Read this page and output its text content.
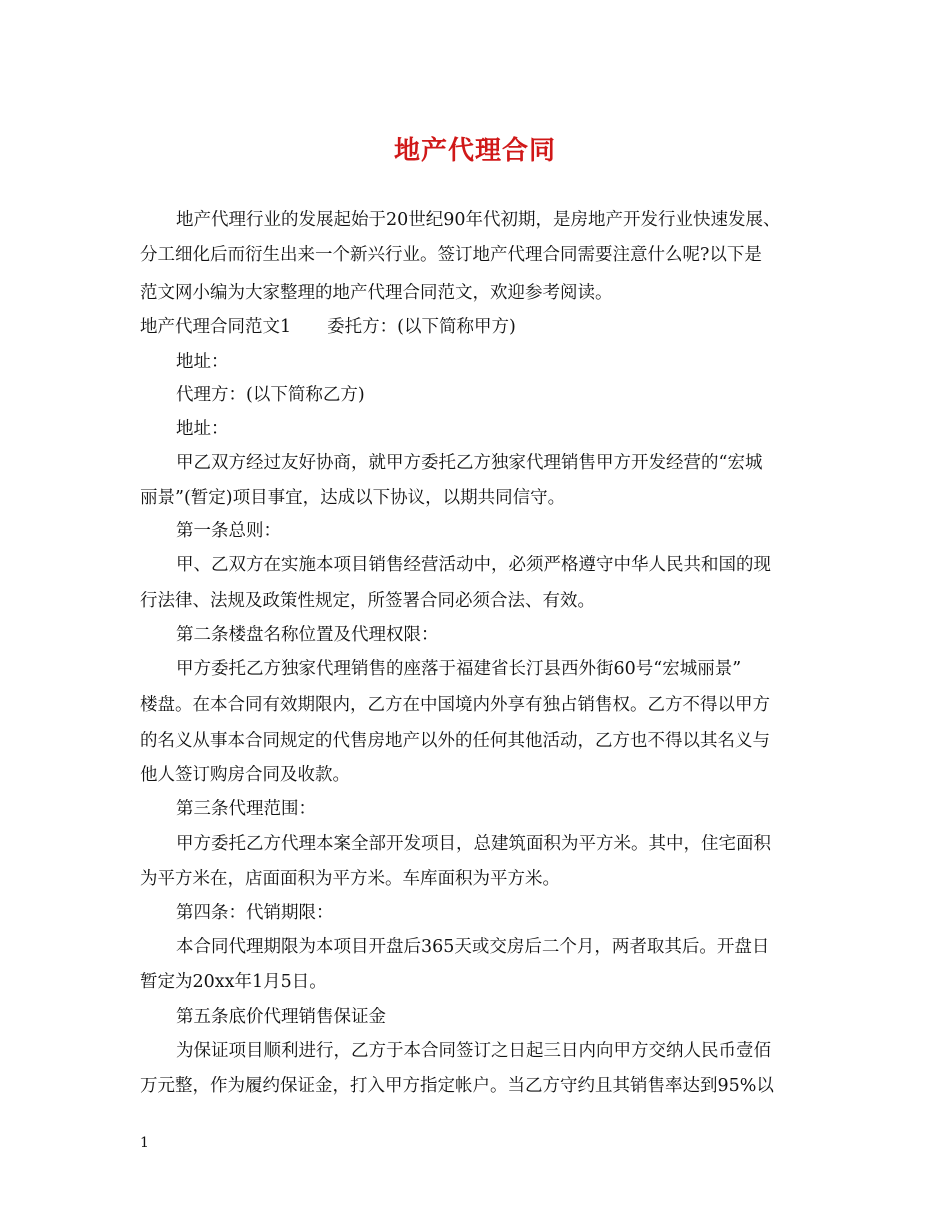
地产代理合同
地产代理行业的发展起始于20世纪90年代初期，是房地产开发行业快速发展、
分工细化后而衍生出来一个新兴行业。签订地产代理合同需要注意什么呢?以下是
范文网小编为大家整理的地产代理合同范文，欢迎参考阅读。
地产代理合同范文1 委托方：(以下简称甲方)
地址：
代理方：(以下简称乙方)
地址：
甲乙双方经过友好协商，就甲方委托乙方独家代理销售甲方开发经营的“宏城
丽景”(暂定)项目事宜，达成以下协议，以期共同信守。
第一条总则：
甲、乙双方在实施本项目销售经营活动中，必须严格遵守中华人民共和国的现
行法律、法规及政策性规定，所签署合同必须合法、有效。
第二条楼盘名称位置及代理权限：
甲方委托乙方独家代理销售的座落于福建省长汀县西外街60号“宏城丽景”
楼盘。在本合同有效期限内，乙方在中国境内外享有独占销售权。乙方不得以甲方
的名义从事本合同规定的代售房地产以外的任何其他活动，乙方也不得以其名义与
他人签订购房合同及收款。
第三条代理范围：
甲方委托乙方代理本案全部开发项目，总建筑面积为平方米。其中，住宅面积
为平方米在，店面面积为平方米。车库面积为平方米。
第四条：代销期限：
本合同代理期限为本项目开盘后365天或交房后二个月，两者取其后。开盘日
暂定为20xx年1月5日。
第五条底价代理销售保证金
为保证项目顺利进行，乙方于本合同签订之日起三日内向甲方交纳人民币壹佰
万元整，作为履约保证金，打入甲方指定帐户。当乙方守约且其销售率达到95%以
1
